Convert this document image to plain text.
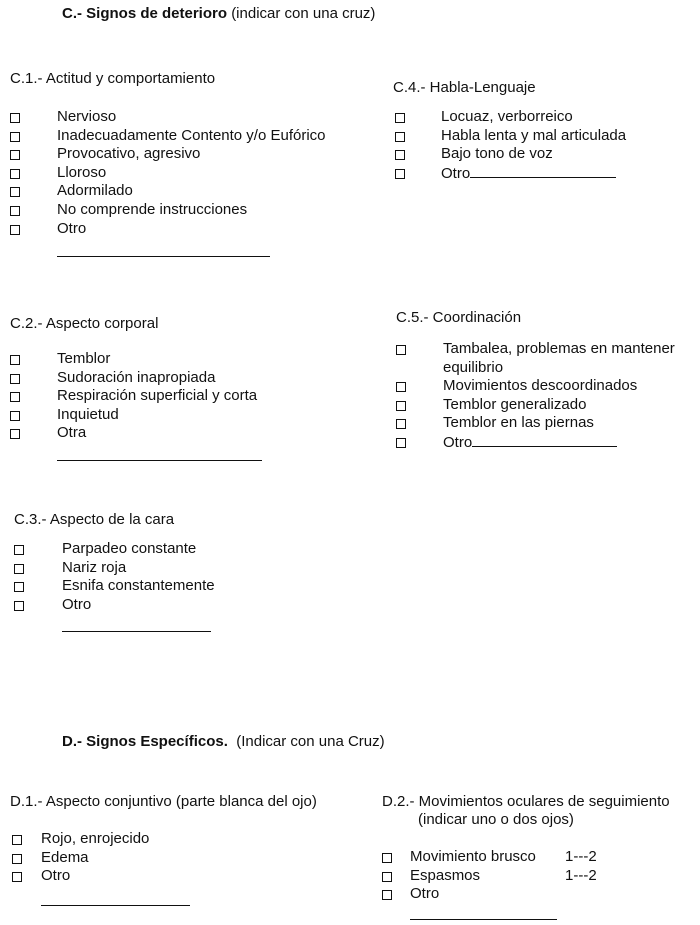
C.- Signos de deterioro (indicar con una cruz)
C.1.- Actitud y comportamiento
Nervioso
Inadecuadamente Contento y/o Eufórico
Provocativo, agresivo
Lloroso
Adormilado
No comprende instrucciones
Otro
C.4.- Habla-Lenguaje
Locuaz, verborreico
Habla lenta y mal articulada
Bajo tono de voz
Otro
C.2.- Aspecto corporal
Temblor
Sudoración inapropiada
Respiración superficial y corta
Inquietud
Otra
C.5.- Coordinación
Tambalea, problemas en mantener
equilibrio
Movimientos descoordinados
Temblor generalizado
Temblor en las piernas
Otro
C.3.- Aspecto de la cara
Parpadeo constante
Nariz roja
Esnifa constantemente
Otro
D.- Signos Específicos. (Indicar con una Cruz)
D.1.- Aspecto conjuntivo (parte blanca del ojo)
Rojo, enrojecido
Edema
Otro
D.2.- Movimientos oculares de seguimiento
(indicar uno o dos ojos)
Movimiento brusco 1---2
Espasmos	1---2
Otro
